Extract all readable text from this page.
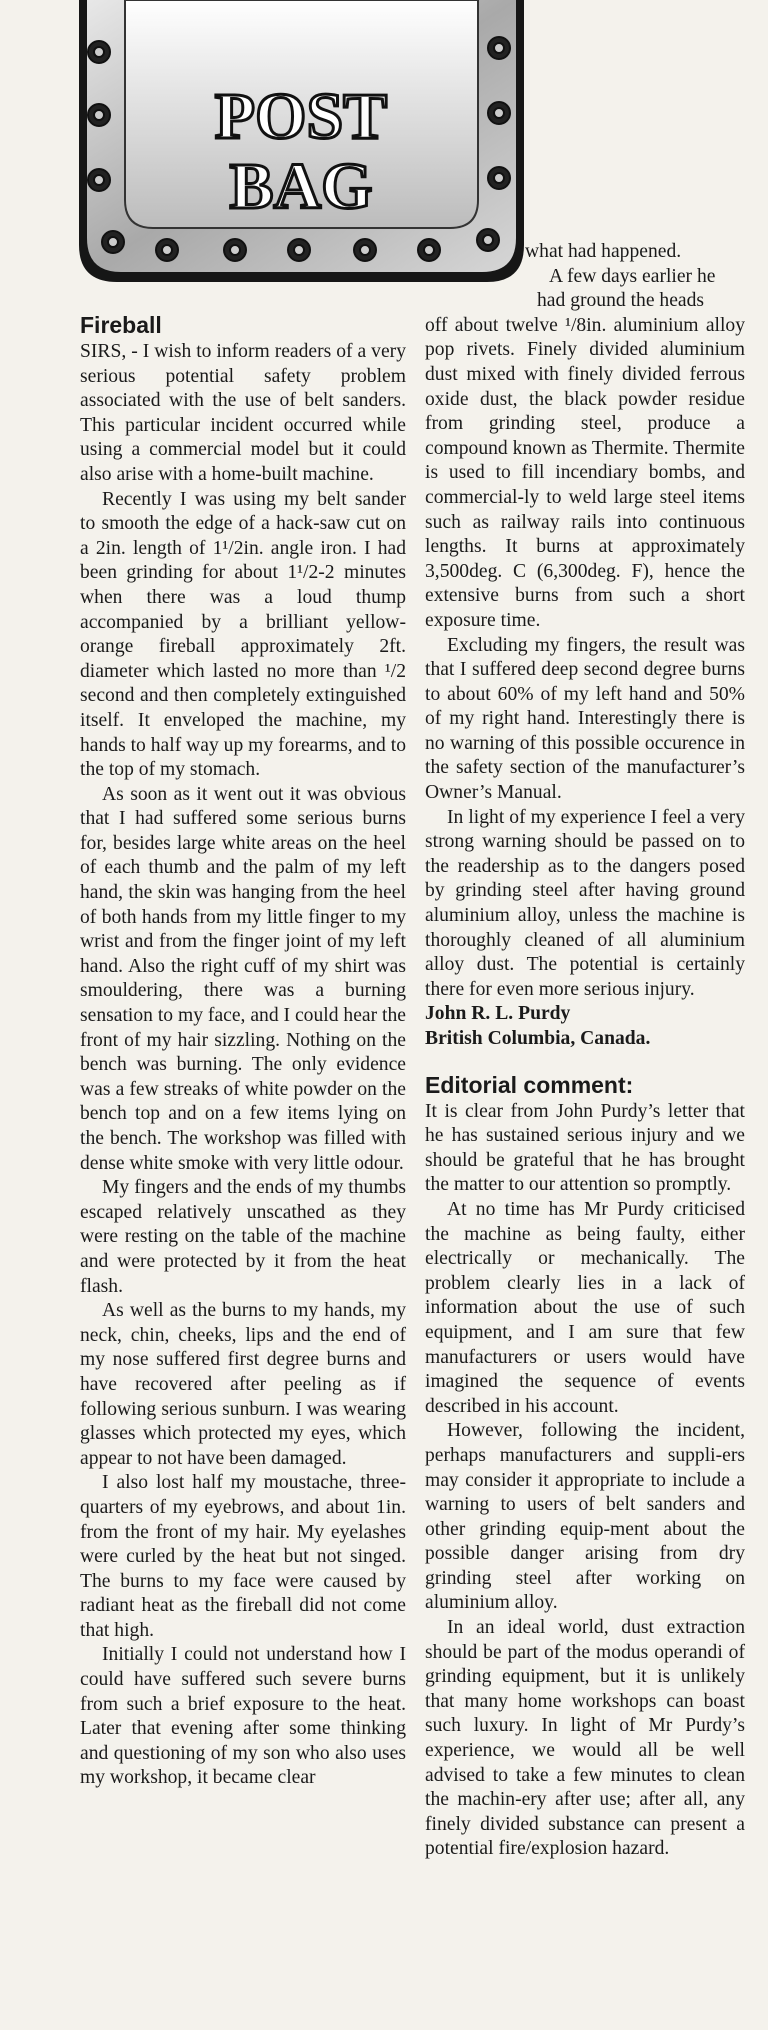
POST
BAG
Fireball

SIRS, - I wish to inform readers of a very serious potential safety problem associated with the use of belt sanders. This particular incident occurred while using a commercial model but it could also arise with a home-built machine.

Recently I was using my belt sander to smooth the edge of a hack-saw cut on a 2in. length of 1¹/2in. angle iron. I had been grinding for about 1¹/2-2 minutes when there was a loud thump accompanied by a brilliant yellow-orange fireball approximately 2ft. diameter which lasted no more than ¹/2 second and then completely extinguished itself. It enveloped the machine, my hands to half way up my forearms, and to the top of my stomach.

As soon as it went out it was obvious that I had suffered some serious burns for, besides large white areas on the heel of each thumb and the palm of my left hand, the skin was hanging from the heel of both hands from my little finger to my wrist and from the finger joint of my left hand. Also the right cuff of my shirt was smouldering, there was a burning sensation to my face, and I could hear the front of my hair sizzling. Nothing on the bench was burning. The only evidence was a few streaks of white powder on the bench top and on a few items lying on the bench. The workshop was filled with dense white smoke with very little odour.

My fingers and the ends of my thumbs escaped relatively unscathed as they were resting on the table of the machine and were protected by it from the heat flash.

As well as the burns to my hands, my neck, chin, cheeks, lips and the end of my nose suffered first degree burns and have recovered after peeling as if following serious sunburn. I was wearing glasses which protected my eyes, which appear to not have been damaged.

I also lost half my moustache, three-quarters of my eyebrows, and about 1in. from the front of my hair. My eyelashes were curled by the heat but not singed. The burns to my face were caused by radiant heat as the fireball did not come that high.

Initially I could not understand how I could have suffered such severe burns from such a brief exposure to the heat. Later that evening after some thinking and questioning of my son who also uses my workshop, it became clear

what had happened.
A few days earlier he
had ground the heads

off about twelve ¹/8in. aluminium alloy pop rivets. Finely divided aluminium dust mixed with finely divided ferrous oxide dust, the black powder residue from grinding steel, produce a compound known as Thermite. Thermite is used to fill incendiary bombs, and commercial-ly to weld large steel items such as railway rails into continuous lengths. It burns at approximately 3,500deg. C (6,300deg. F), hence the extensive burns from such a short exposure time.

Excluding my fingers, the result was that I suffered deep second degree burns to about 60% of my left hand and 50% of my right hand. Interestingly there is no warning of this possible occurence in the safety section of the manufacturer’s Owner’s Manual.

In light of my experience I feel a very strong warning should be passed on to the readership as to the dangers posed by grinding steel after having ground aluminium alloy, unless the machine is thoroughly cleaned of all aluminium alloy dust. The potential is certainly there for even more serious injury.

John R. L. Purdy

British Columbia, Canada.

Editorial comment:

It is clear from John Purdy’s letter that he has sustained serious injury and we should be grateful that he has brought the matter to our attention so promptly.

At no time has Mr Purdy criticised the machine as being faulty, either electrically or mechanically. The problem clearly lies in a lack of information about the use of such equipment, and I am sure that few manufacturers or users would have imagined the sequence of events described in his account.

However, following the incident, perhaps manufacturers and suppli-ers may consider it appropriate to include a warning to users of belt sanders and other grinding equip-ment about the possible danger arising from dry grinding steel after working on aluminium alloy.

In an ideal world, dust extraction should be part of the modus operandi of grinding equipment, but it is unlikely that many home workshops can boast such luxury. In light of Mr Purdy’s experience, we would all be well advised to take a few minutes to clean the machin-ery after use; after all, any finely divided substance can present a potential fire/explosion hazard.
